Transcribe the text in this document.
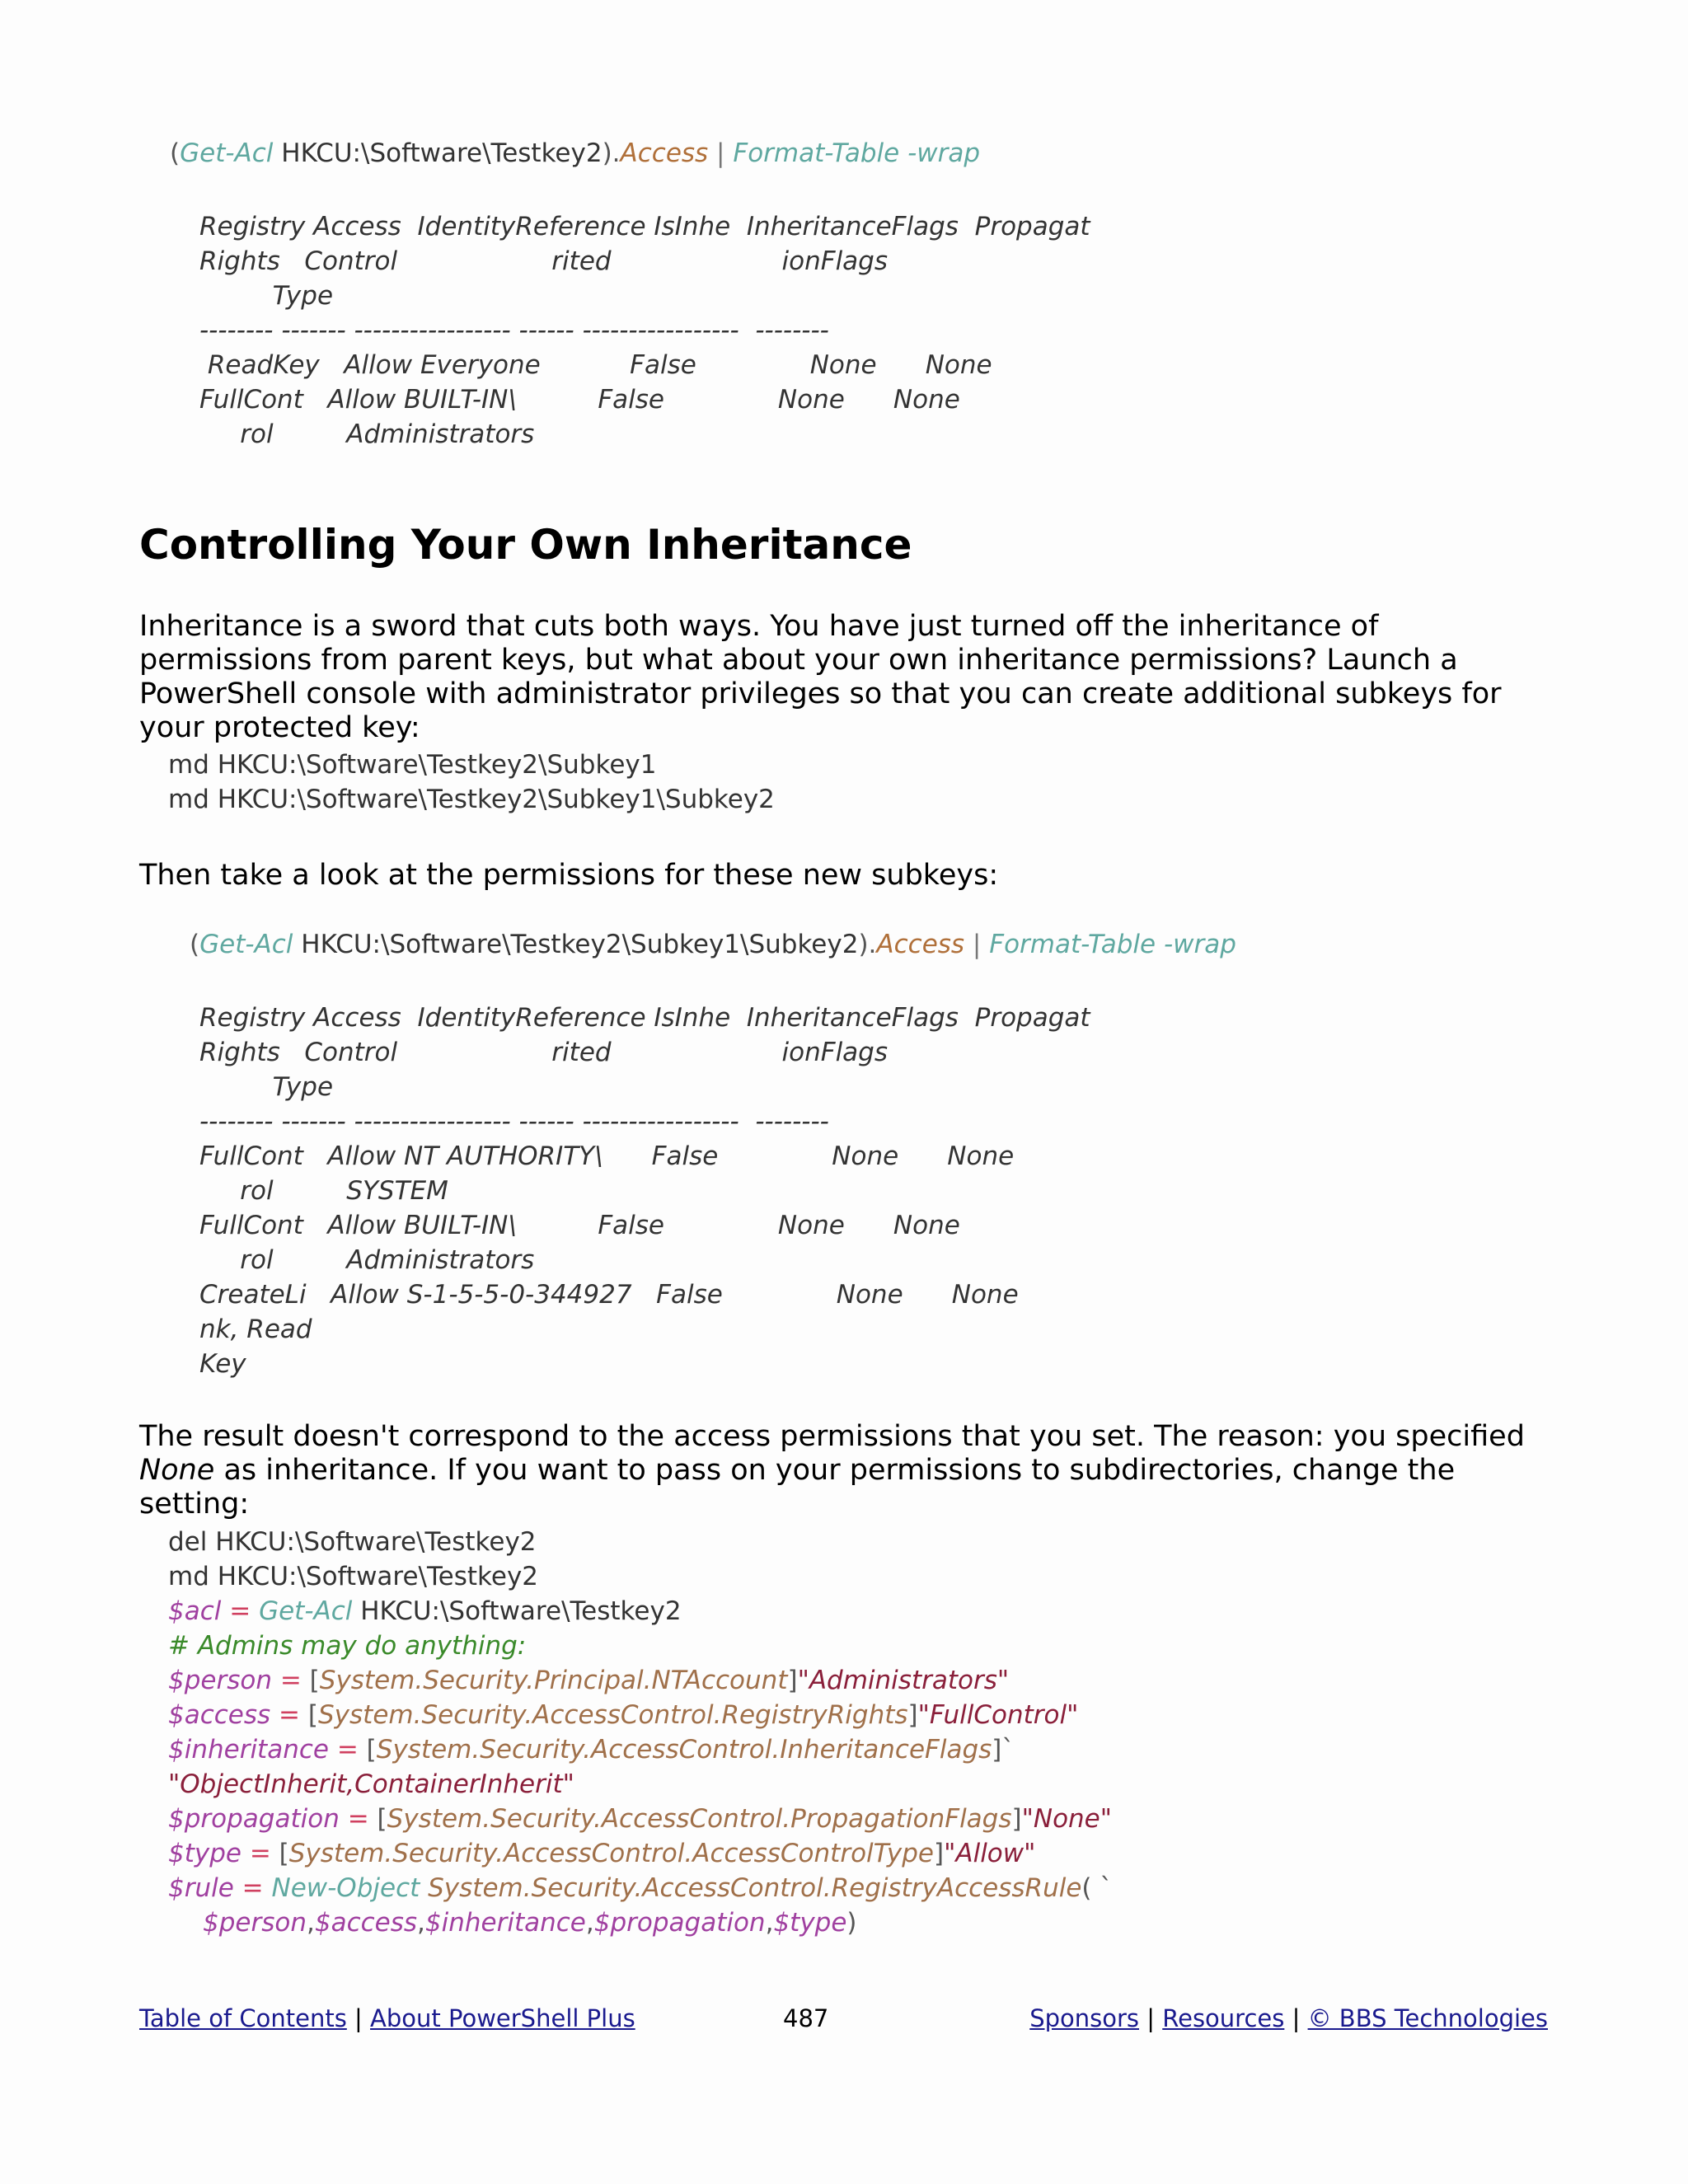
(Get-Acl HKCU:\Software\Testkey2).Access | Format-Table -wrap
Registry Access  IdentityReference IsInhe  InheritanceFlags  Propagat
Rights   Control                   rited                     ionFlags
Type
-------- ------- ----------------- ------ -----------------  --------
ReadKey   Allow Everyone           False              None      None
FullCont   Allow BUILT-IN\          False              None      None
rol         Administrators
Controlling Your Own Inheritance

Inheritance is a sword that cuts both ways. You have just turned off the inheritance of permissions from parent keys, but what about your own inheritance permissions? Launch a PowerShell console with administrator privileges so that you can create additional subkeys for your protected key:

md HKCU:\Software\Testkey2\Subkey1
md HKCU:\Software\Testkey2\Subkey1\Subkey2

Then take a look at the permissions for these new subkeys:

(Get-Acl HKCU:\Software\Testkey2\Subkey1\Subkey2).Access | Format-Table -wrap
Registry Access  IdentityReference IsInhe  InheritanceFlags  Propagat
Rights   Control                   rited                     ionFlags
Type
-------- ------- ----------------- ------ -----------------  --------
FullCont   Allow NT AUTHORITY\      False              None      None
rol         SYSTEM
FullCont   Allow BUILT-IN\          False              None      None
rol         Administrators
CreateLi   Allow S-1-5-5-0-344927   False              None      None
nk, Read
Key

The result doesn't correspond to the access permissions that you set. The reason: you specified None as inheritance. If you want to pass on your permissions to subdirectories, change the setting:

del HKCU:\Software\Testkey2
md HKCU:\Software\Testkey2
$acl = Get-Acl HKCU:\Software\Testkey2
# Admins may do anything:
$person = [System.Security.Principal.NTAccount]"Administrators"
$access = [System.Security.AccessControl.RegistryRights]"FullControl"
$inheritance = [System.Security.AccessControl.InheritanceFlags]`
"ObjectInherit,ContainerInherit"
$propagation = [System.Security.AccessControl.PropagationFlags]"None"
$type = [System.Security.AccessControl.AccessControlType]"Allow"
$rule = New-Object System.Security.AccessControl.RegistryAccessRule( `
$person,$access,$inheritance,$propagation,$type)
Table of Contents | About PowerShell Plus	487	Sponsors | Resources | © BBS Technologies
